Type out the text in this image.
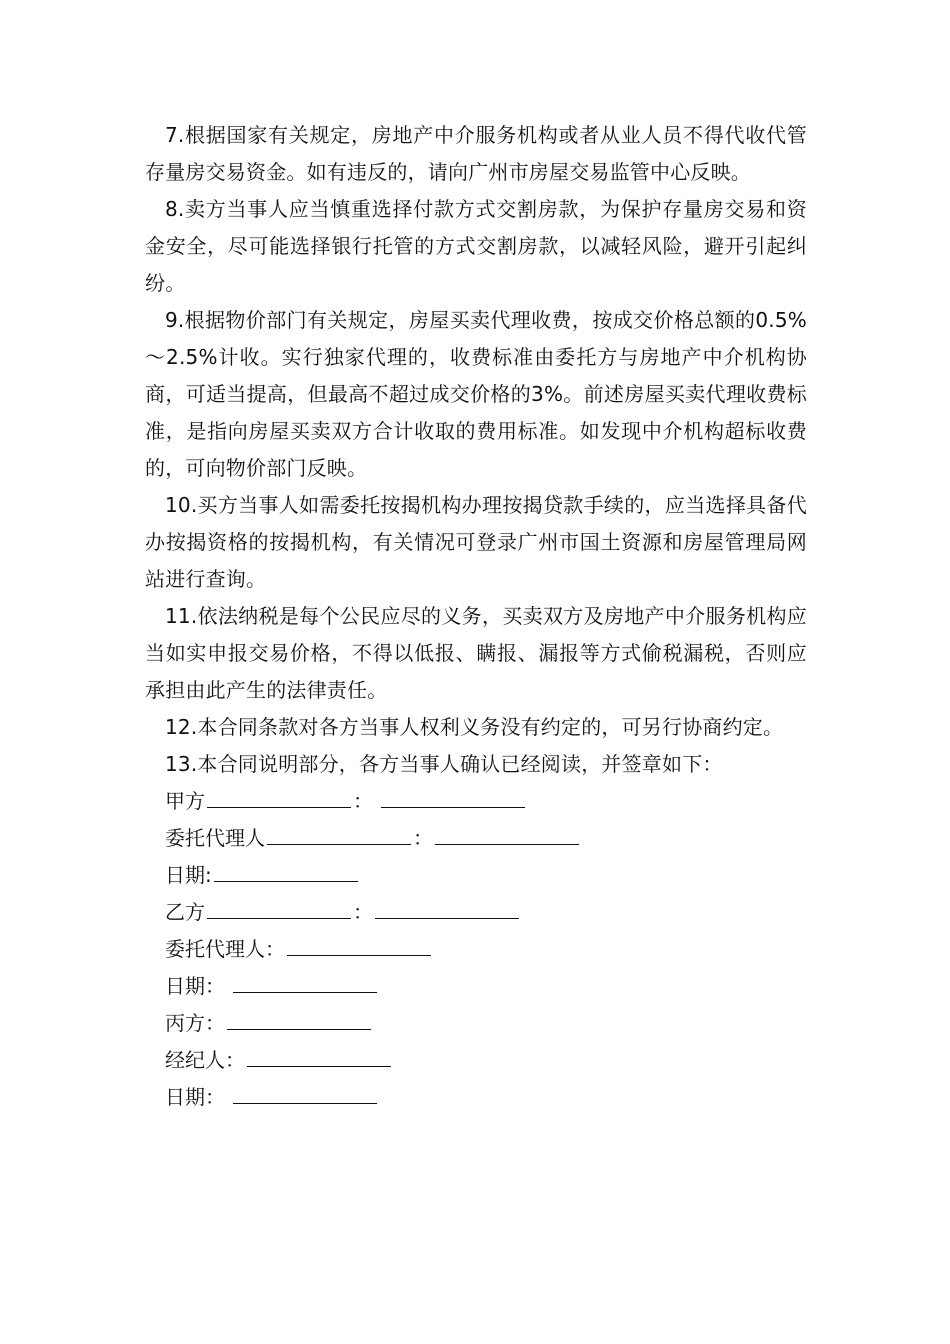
7.根据国家有关规定，房地产中介服务机构或者从业人员不得代收代管存量房交易资金。如有违反的，请向广州市房屋交易监管中心反映。

8.卖方当事人应当慎重选择付款方式交割房款，为保护存量房交易和资金安全，尽可能选择银行托管的方式交割房款，以减轻风险，避开引起纠纷。

9.根据物价部门有关规定，房屋买卖代理收费，按成交价格总额的0.5%～2.5%计收。实行独家代理的，收费标准由委托方与房地产中介机构协商，可适当提高，但最高不超过成交价格的3%。前述房屋买卖代理收费标准，是指向房屋买卖双方合计收取的费用标准。如发现中介机构超标收费的，可向物价部门反映。

10.买方当事人如需委托按揭机构办理按揭贷款手续的，应当选择具备代办按揭资格的按揭机构，有关情况可登录广州市国土资源和房屋管理局网站进行查询。

11.依法纳税是每个公民应尽的义务，买卖双方及房地产中介服务机构应当如实申报交易价格，不得以低报、瞒报、漏报等方式偷税漏税，否则应承担由此产生的法律责任。

12.本合同条款对各方当事人权利义务没有约定的，可另行协商约定。

13.本合同说明部分，各方当事人确认已经阅读，并签章如下：

甲方	：
委托代理人	：
日期:
乙方	：
委托代理人：
日期：
丙方：
经纪人：
日期：
